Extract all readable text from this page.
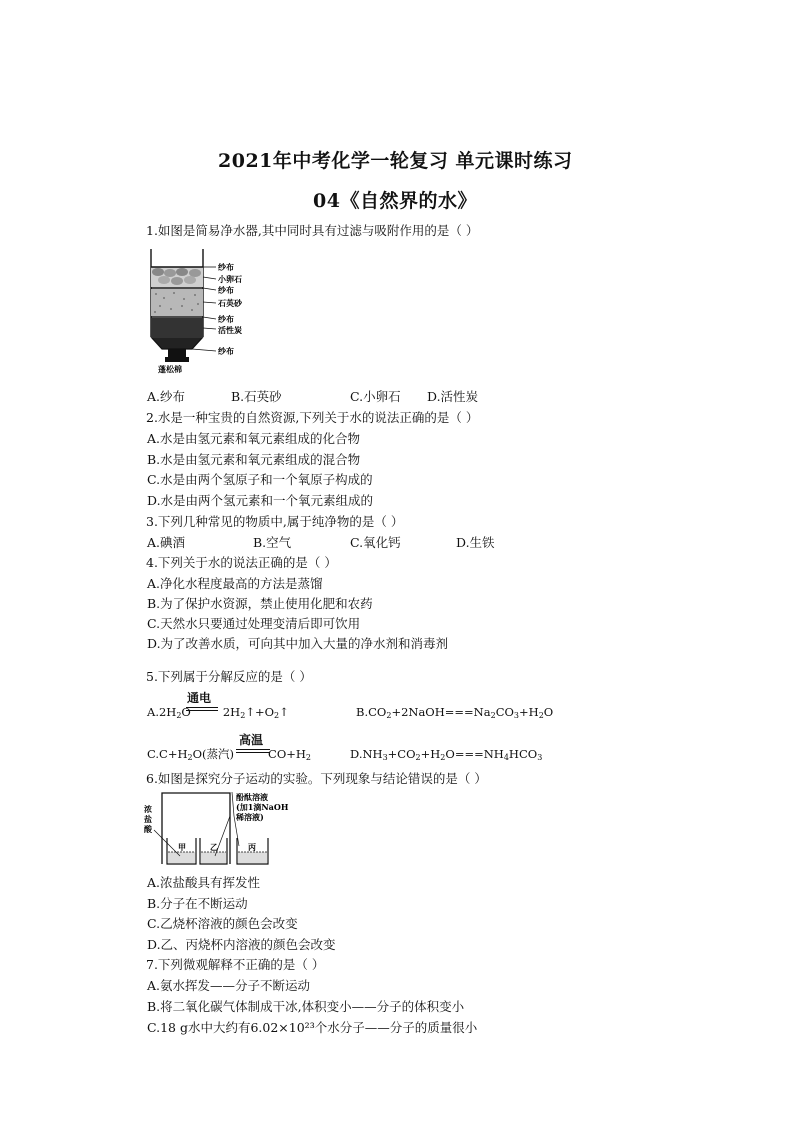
2021年中考化学一轮复习 单元课时练习
04《自然界的水》
1.如图是简易净水器,其中同时具有过滤与吸附作用的是（ ）
纱布
小卵石
纱布
石英砂
纱布
活性炭
纱布
蓬松棉
A.纱布	B.石英砂	C.小卵石 D.活性炭
2.水是一种宝贵的自然资源,下列关于水的说法正确的是（ ）
A.水是由氢元素和氧元素组成的化合物
B.水是由氢元素和氧元素组成的混合物
C.水是由两个氢原子和一个氧原子构成的
D.水是由两个氢元素和一个氧元素组成的
3.下列几种常见的物质中,属于纯净物的是（ ）
A.碘酒	B.空气	C.氧化钙	D.生铁
4.下列关于水的说法正确的是（ ）
A.净化水程度最高的方法是蒸馏
B.为了保护水资源，禁止使用化肥和农药
C.天然水只要通过处理变清后即可饮用
D.为了改善水质，可向其中加入大量的净水剂和消毒剂
5.下列属于分解反应的是（ ）
通电
$A.2H_2O$	$2H_2↑+O_2↑$	$B.CO_2+2NaOH===Na_2CO_3+H_2O$
高温
$C.C+H_2O$(蒸汽)	$CO+H_2$	$D.NH_3+CO_2+H_2O===NH_4HCO_3$
6.如图是探究分子运动的实验。下列现象与结论错误的是（ ）
浓
盐
酸
甲	乙	丙
酚酞溶液
(加1滴NaOH
稀溶液)
A.浓盐酸具有挥发性
B.分子在不断运动
C.乙烧杯溶液的颜色会改变
D.乙、丙烧杯内溶液的颜色会改变
7.下列微观解释不正确的是（ ）
A.氨水挥发——分子不断运动
B.将二氧化碳气体制成干冰,体积变小——分子的体积变小
C.18 g水中大约有6.02×10²³个水分子——分子的质量很小
